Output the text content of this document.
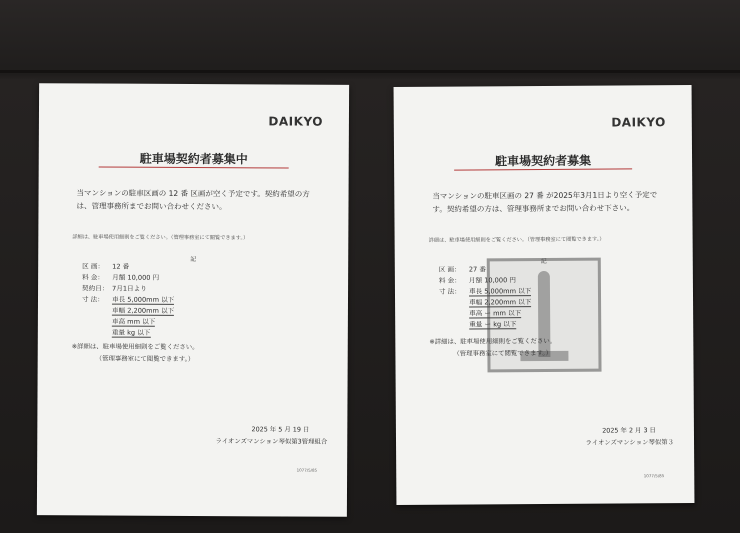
DAIKYO
駐車場契約者募集中
当マンションの駐車区画の 12 番 区画が空く予定です。契約希望の方は、管理事務所までお問い合わせください。
詳細は、駐車場使用細則をご覧ください。（管理事務室にて閲覧できます。）
記
区 画： 12 番
料 金： 月額 10,000 円
契約日： 7月1日より
寸 法： 車長 5,000mm 以下
車幅 2,200mm 以下
車高 mm 以下
重量 kg 以下
※詳細は、駐車場使用細則をご覧ください。
（管理事務室にて閲覧できます。）
2025 年 5 月 19 日
ライオンズマンション琴似第3管理組合
1077/5/85
DAIKYO
駐車場契約者募集
当マンションの駐車区画の 27 番 が2025年3月1日より空く予定です。契約希望の方は、管理事務所までお問い合わせ下さい。
詳細は、駐車場使用細則をご覧ください。（管理事務室にて閲覧できます。）
記
区 画： 27 番
料 金： 月額 10,000 円
寸 法： 車長 5,000mm 以下
車幅 2,200mm 以下
車高 ー mm 以下
重量 ー kg 以下
※詳細は、駐車場使用細則をご覧ください。
（管理事務室にて閲覧できます。）
2025 年 2 月 3 日
ライオンズマンション琴似第３
1077/5/85
